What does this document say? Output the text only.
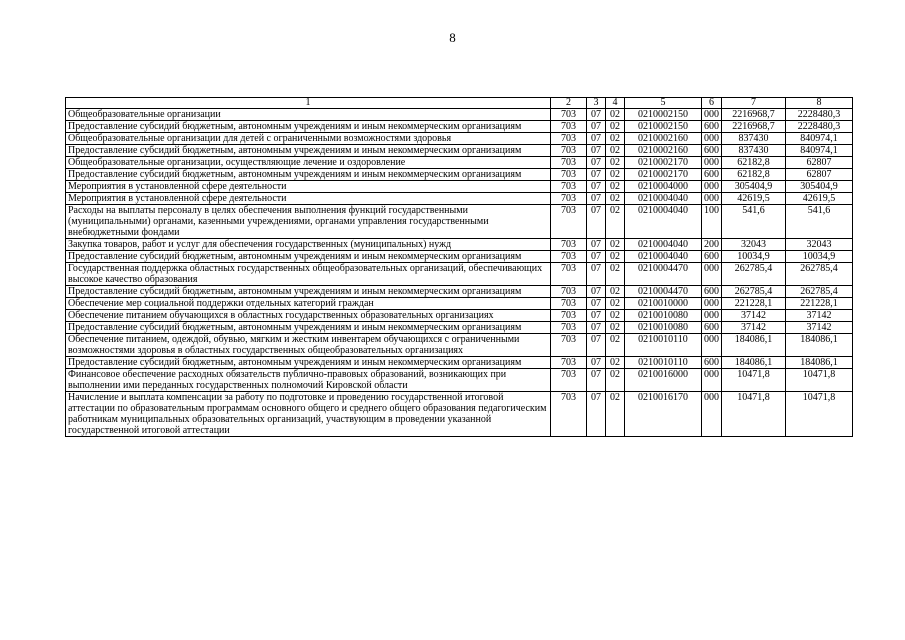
8
1	2	3	4	5	6	7	8
Общеобразовательные организации	703	07	02	0210002150	000	2216968,7	2228480,3
Предоставление субсидий бюджетным, автономным учреждениям и иным некоммерческим организациям	703	07	02	0210002150	600	2216968,7	2228480,3
Общеобразовательные организации для детей с ограниченными возможностями здоровья	703	07	02	0210002160	000	837430	840974,1
Предоставление субсидий бюджетным, автономным учреждениям и иным некоммерческим организациям	703	07	02	0210002160	600	837430	840974,1
Общеобразовательные организации, осуществляющие лечение и оздоровление	703	07	02	0210002170	000	62182,8	62807
Предоставление субсидий бюджетным, автономным учреждениям и иным некоммерческим организациям	703	07	02	0210002170	600	62182,8	62807
Мероприятия в установленной сфере деятельности	703	07	02	0210004000	000	305404,9	305404,9
Мероприятия в установленной сфере деятельности	703	07	02	0210004040	000	42619,5	42619,5
Расходы на выплаты персоналу в целях обеспечения выполнения функций государственными (муниципальными) органами, казенными учреждениями, органами управления государственными внебюджетными фондами	703	07	02	0210004040	100	541,6	541,6
Закупка товаров, работ и услуг для обеспечения государственных (муниципальных) нужд	703	07	02	0210004040	200	32043	32043
Предоставление субсидий бюджетным, автономным учреждениям и иным некоммерческим организациям	703	07	02	0210004040	600	10034,9	10034,9
Государственная поддержка областных государственных общеобразовательных организаций, обеспечивающих высокое качество образования	703	07	02	0210004470	000	262785,4	262785,4
Предоставление субсидий бюджетным, автономным учреждениям и иным некоммерческим организациям	703	07	02	0210004470	600	262785,4	262785,4
Обеспечение мер социальной поддержки отдельных категорий граждан	703	07	02	0210010000	000	221228,1	221228,1
Обеспечение питанием обучающихся в областных государственных образовательных организациях	703	07	02	0210010080	000	37142	37142
Предоставление субсидий бюджетным, автономным учреждениям и иным некоммерческим организациям	703	07	02	0210010080	600	37142	37142
Обеспечение питанием, одеждой, обувью, мягким и жестким инвентарем обучающихся с ограниченными возможностями здоровья в областных государственных общеобразовательных организациях	703	07	02	0210010110	000	184086,1	184086,1
Предоставление субсидий бюджетным, автономным учреждениям и иным некоммерческим организациям	703	07	02	0210010110	600	184086,1	184086,1
Финансовое обеспечение расходных обязательств публично-правовых образований, возникающих при выполнении ими переданных государственных полномочий Кировской области	703	07	02	0210016000	000	10471,8	10471,8
Начисление и выплата компенсации за работу по подготовке и проведению государственной итоговой аттестации по образовательным программам основного общего и среднего общего образования педагогическим работникам муниципальных образовательных организаций, участвующим в проведении указанной государственной итоговой аттестации	703	07	02	0210016170	000	10471,8	10471,8
